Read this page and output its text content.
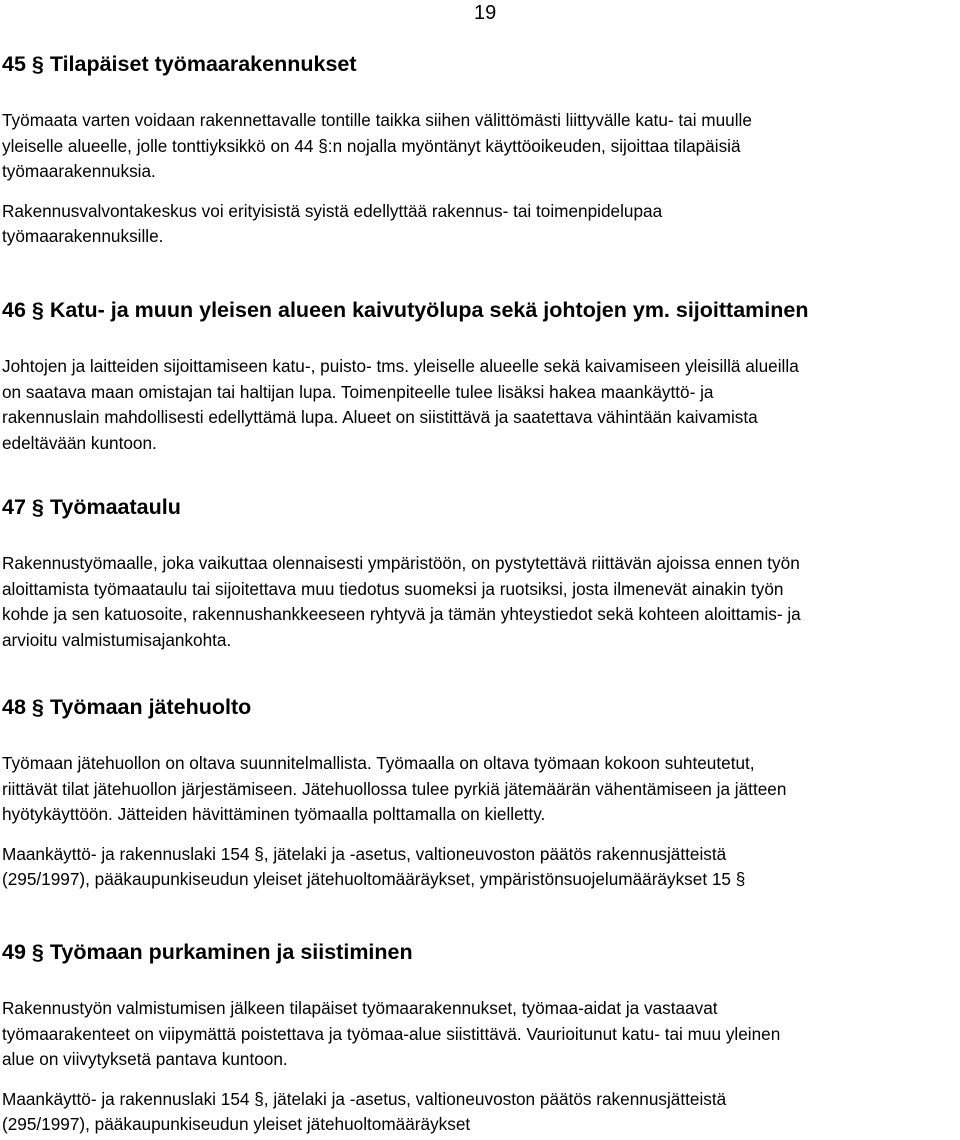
19
45 § Tilapäiset työmaarakennukset

Työmaata varten voidaan rakennettavalle tontille taikka siihen välittömästi liittyvälle katu- tai muulle

yleiselle alueelle, jolle tonttiyksikkö on 44 §:n nojalla myöntänyt käyttöoikeuden, sijoittaa tilapäisiä

työmaarakennuksia.

Rakennusvalvontakeskus voi erityisistä syistä edellyttää rakennus- tai toimenpidelupaa

työmaarakennuksille.

46 § Katu- ja muun yleisen alueen kaivutyölupa sekä johtojen ym. sijoittaminen

Johtojen ja laitteiden sijoittamiseen katu-, puisto- tms. yleiselle alueelle sekä kaivamiseen yleisillä alueilla

on saatava maan omistajan tai haltijan lupa. Toimenpiteelle tulee lisäksi hakea maankäyttö- ja

rakennuslain mahdollisesti edellyttämä lupa. Alueet on siistittävä ja saatettava vähintään kaivamista

edeltävään kuntoon.

47 § Työmaataulu

Rakennustyömaalle, joka vaikuttaa olennaisesti ympäristöön, on pystytettävä riittävän ajoissa ennen työn

aloittamista työmaataulu tai sijoitettava muu tiedotus suomeksi ja ruotsiksi, josta ilmenevät ainakin työn

kohde ja sen katuosoite, rakennushankkeeseen ryhtyvä ja tämän yhteystiedot sekä kohteen aloittamis- ja

arvioitu valmistumisajankohta.

48 § Työmaan jätehuolto

Työmaan jätehuollon on oltava suunnitelmallista. Työmaalla on oltava työmaan kokoon suhteutetut,

riittävät tilat jätehuollon järjestämiseen. Jätehuollossa tulee pyrkiä jätemäärän vähentämiseen ja jätteen

hyötykäyttöön. Jätteiden hävittäminen työmaalla polttamalla on kielletty.

Maankäyttö- ja rakennuslaki 154 §, jätelaki ja -asetus, valtioneuvoston päätös rakennusjätteistä

(295/1997), pääkaupunkiseudun yleiset jätehuoltomääräykset, ympäristönsuojelumääräykset 15 §

49 § Työmaan purkaminen ja siistiminen

Rakennustyön valmistumisen jälkeen tilapäiset työmaarakennukset, työmaa-aidat ja vastaavat

työmaarakenteet on viipymättä poistettava ja työmaa-alue siistittävä. Vaurioitunut katu- tai muu yleinen

alue on viivytyksetä pantava kuntoon.

Maankäyttö- ja rakennuslaki 154 §, jätelaki ja -asetus, valtioneuvoston päätös rakennusjätteistä

(295/1997), pääkaupunkiseudun yleiset jätehuoltomääräykset
